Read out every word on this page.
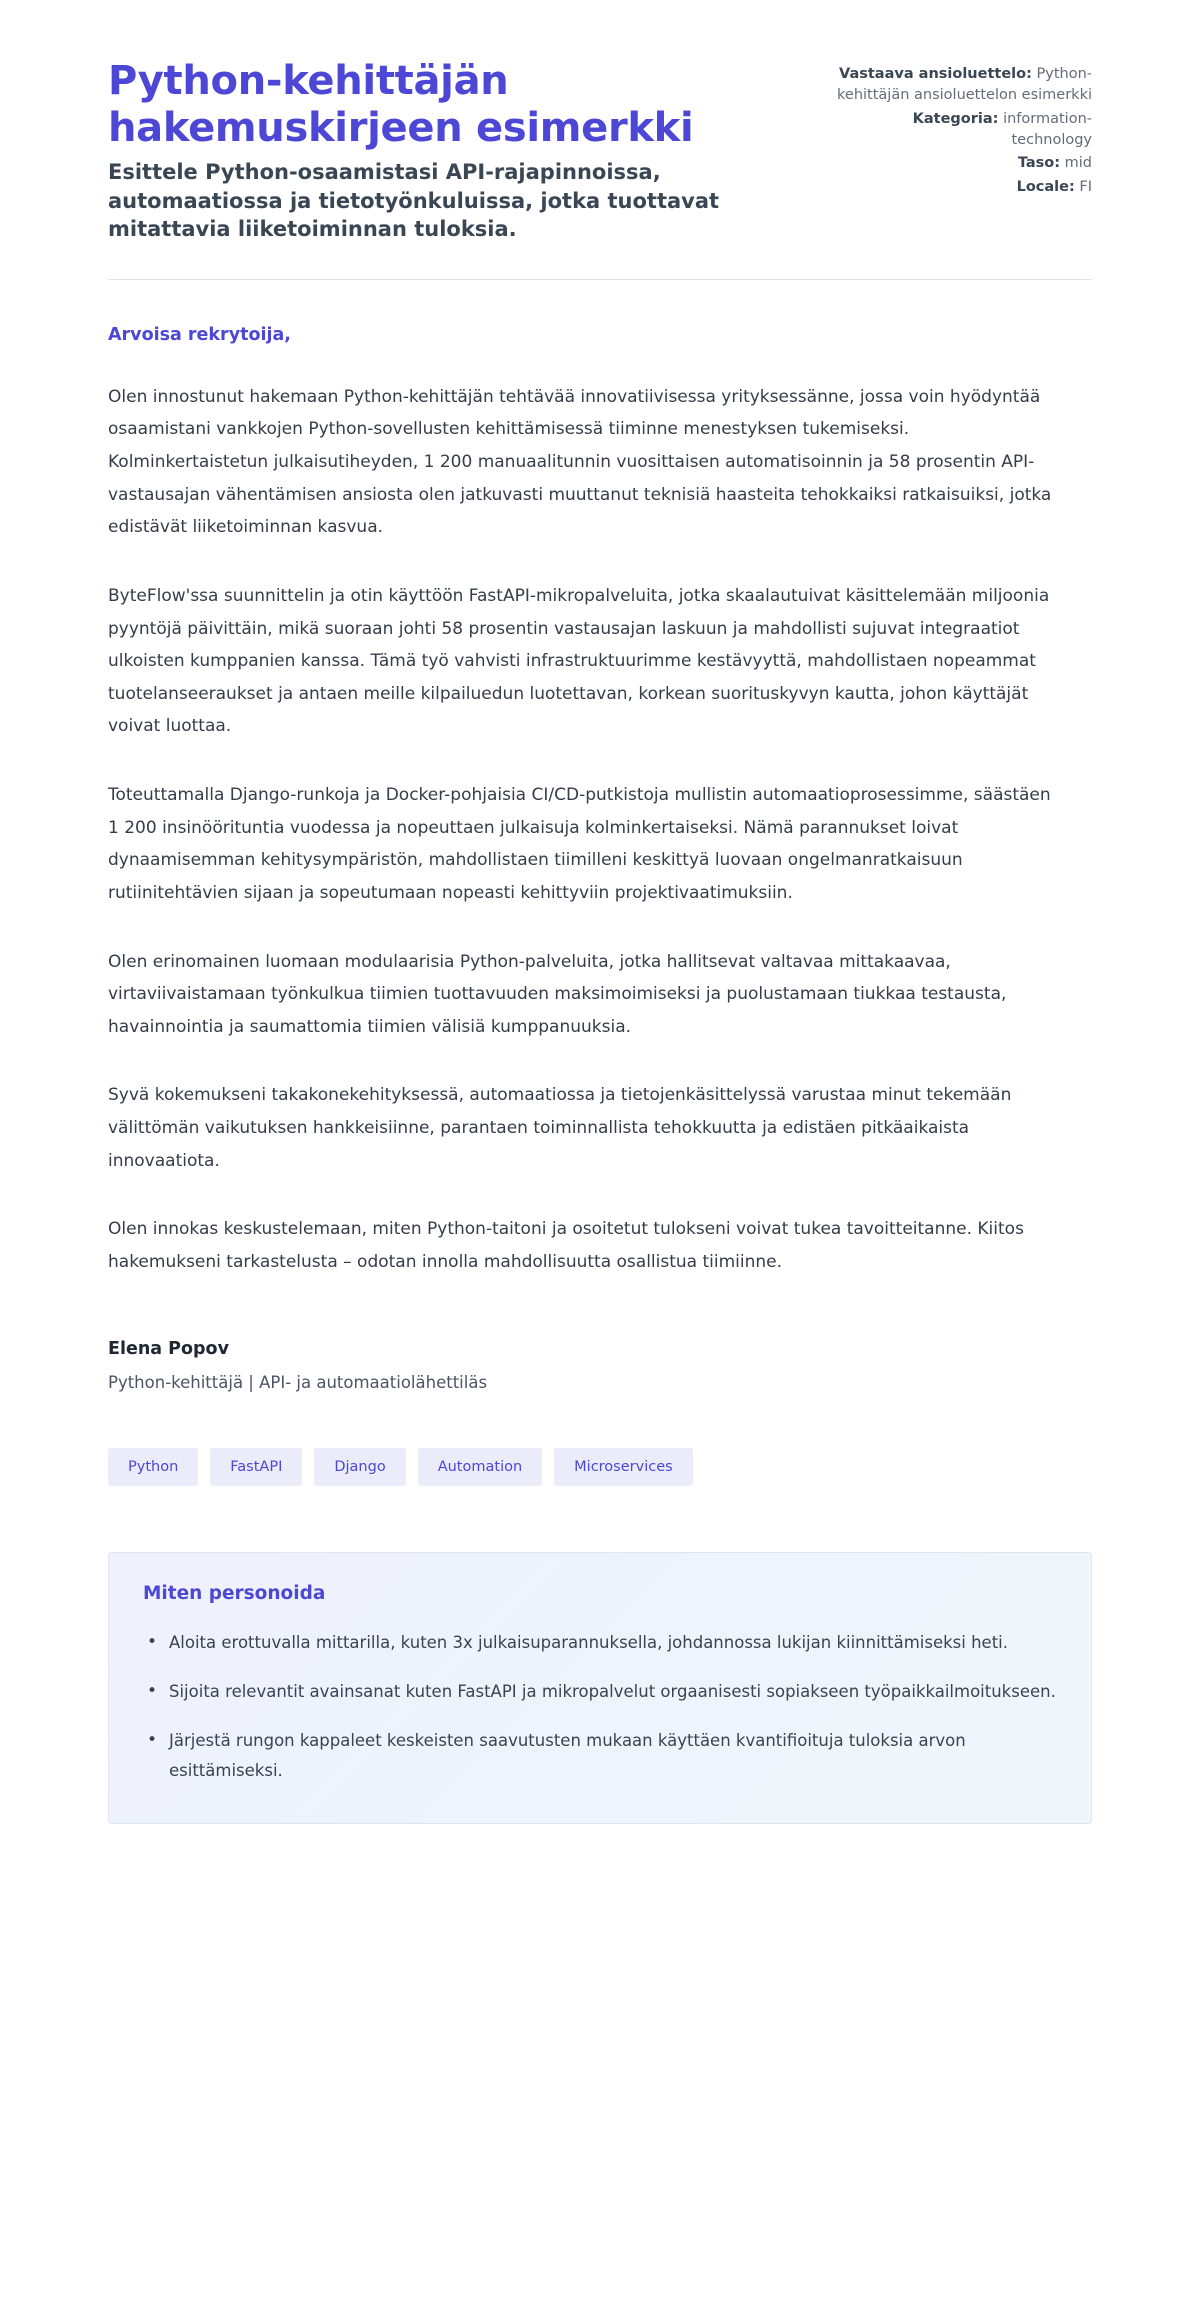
Python-kehittäjän hakemuskirjeen esimerkki

Esittele Python-osaamistasi API-rajapinnoissa, automaatiossa ja tietotyönkuluissa, jotka tuottavat mitattavia liiketoiminnan tuloksia.

Vastaava ansioluettelo: Python-kehittäjän ansioluettelon esimerkki
Kategoria: information-technology
Taso: mid
Locale: FI

Arvoisa rekrytoija,

Olen innostunut hakemaan Python-kehittäjän tehtävää innovatiivisessa yrityksessänne, jossa voin hyödyntää osaamistani vankkojen Python-sovellusten kehittämisessä tiiminne menestyksen tukemiseksi. Kolminkertaistetun julkaisutiheyden, 1 200 manuaalitunnin vuosittaisen automatisoinnin ja 58 prosentin API-vastausajan vähentämisen ansiosta olen jatkuvasti muuttanut teknisiä haasteita tehokkaiksi ratkaisuiksi, jotka edistävät liiketoiminnan kasvua.

ByteFlow'ssa suunnittelin ja otin käyttöön FastAPI-mikropalveluita, jotka skaalautuivat käsittelemään miljoonia pyyntöjä päivittäin, mikä suoraan johti 58 prosentin vastausajan laskuun ja mahdollisti sujuvat integraatiot ulkoisten kumppanien kanssa. Tämä työ vahvisti infrastruktuurimme kestävyyttä, mahdollistaen nopeammat tuotelanseeraukset ja antaen meille kilpailuedun luotettavan, korkean suorituskyvyn kautta, johon käyttäjät voivat luottaa.

Toteuttamalla Django-runkoja ja Docker-pohjaisia CI/CD-putkistoja mullistin automaatioprosessimme, säästäen 1 200 insinöörituntia vuodessa ja nopeuttaen julkaisuja kolminkertaiseksi. Nämä parannukset loivat dynaamisemman kehitysympäristön, mahdollistaen tiimilleni keskittyä luovaan ongelmanratkaisuun rutiinitehtävien sijaan ja sopeutumaan nopeasti kehittyviin projektivaatimuksiin.

Olen erinomainen luomaan modulaarisia Python-palveluita, jotka hallitsevat valtavaa mittakaavaa, virtaviivaistamaan työnkulkua tiimien tuottavuuden maksimoimiseksi ja puolustamaan tiukkaa testausta, havainnointia ja saumattomia tiimien välisiä kumppanuuksia.

Syvä kokemukseni takakonekehityksessä, automaatiossa ja tietojenkäsittelyssä varustaa minut tekemään välittömän vaikutuksen hankkeisiinne, parantaen toiminnallista tehokkuutta ja edistäen pitkäaikaista innovaatiota.

Olen innokas keskustelemaan, miten Python-taitoni ja osoitetut tulokseni voivat tukea tavoitteitanne. Kiitos hakemukseni tarkastelusta – odotan innolla mahdollisuutta osallistua tiimiinne.

Elena Popov

Python-kehittäjä | API- ja automaatiolähettiläs

Python	FastAPI	Django	Automation	Microservices

Miten personoida

• Aloita erottuvalla mittarilla, kuten 3x julkaisuparannuksella, johdannossa lukijan kiinnittämiseksi heti.
• Sijoita relevantit avainsanat kuten FastAPI ja mikropalvelut orgaanisesti sopiakseen työpaikkailmoitukseen.
• Järjestä rungon kappaleet keskeisten saavutusten mukaan käyttäen kvantifioituja tuloksia arvon esittämiseksi.
